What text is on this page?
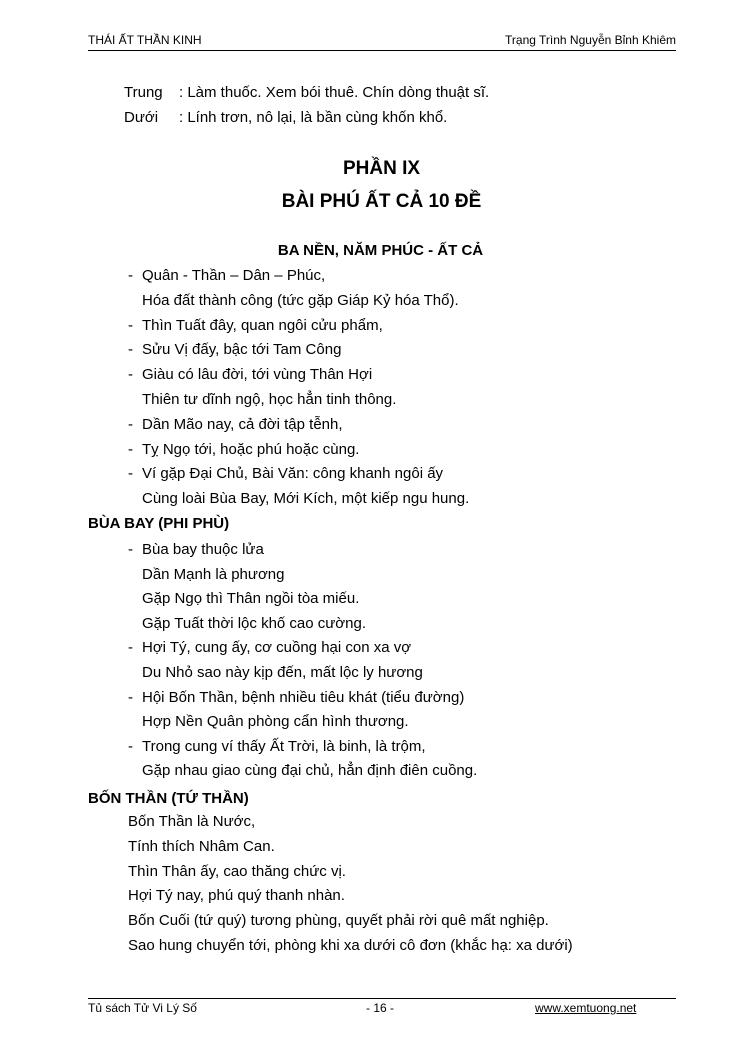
THÁI ẤT THẦN KINH	Trạng Trình Nguyễn Bỉnh Khiêm
Trung : Làm thuốc. Xem bói thuê. Chín dòng thuật sĩ.
Dưới : Lính trơn, nô lại, là bần cùng khốn khổ.
PHẦN IX
BÀI PHÚ ẤT CẢ 10 ĐỀ
BA NỀN, NĂM PHÚC - ẤT CẢ
- Quân - Thần – Dân – Phúc,
Hóa đất thành công (tức gặp Giáp Kỷ hóa Thổ).
- Thìn Tuất đây, quan ngôi cửu phẩm,
- Sửu Vị đấy, bậc tới Tam Công
- Giàu có lâu đời, tới vùng Thân Hợi
Thiên tư dĩnh ngộ, học hẳn tinh thông.
- Dần Mão nay, cả đời tập tễnh,
- Tỵ Ngọ tới, hoặc phú hoặc cùng.
- Ví gặp Đại Chủ, Bài Văn: công khanh ngôi ấy
Cùng loài Bùa Bay, Mới Kích, một kiếp ngu hung.
BÙA BAY (PHI PHÙ)
- Bùa bay thuộc lửa
Dần Mạnh là phương
Gặp Ngọ thì Thân ngồi tòa miếu.
Gặp Tuất thời lộc khố cao cường.
- Hợi Tý, cung ấy, cơ cuồng hại con xa vợ
Du Nhỏ sao này kịp đến, mất lộc ly hương
- Hội Bốn Thần, bệnh nhiều tiêu khát (tiểu đường)
Hợp Nền Quân phòng cẩn hình thương.
- Trong cung ví thấy Ất Trời, là binh, là trộm,
Gặp nhau giao cùng đại chủ, hẳn định điên cuồng.
BỐN THẦN (TỨ THẦN)
Bốn Thần là Nước,
Tính thích Nhâm Can.
Thìn Thân ấy, cao thăng chức vị.
Hợi Tý nay, phú quý thanh nhàn.
Bốn Cuối (tứ quý) tương phùng, quyết phải rời quê mất nghiệp.
Sao hung chuyển tới, phòng khi xa dưới cô đơn (khắc hạ: xa dưới)
Tủ sách Tử Vi Lý Số	- 16 -	www.xemtuong.net
